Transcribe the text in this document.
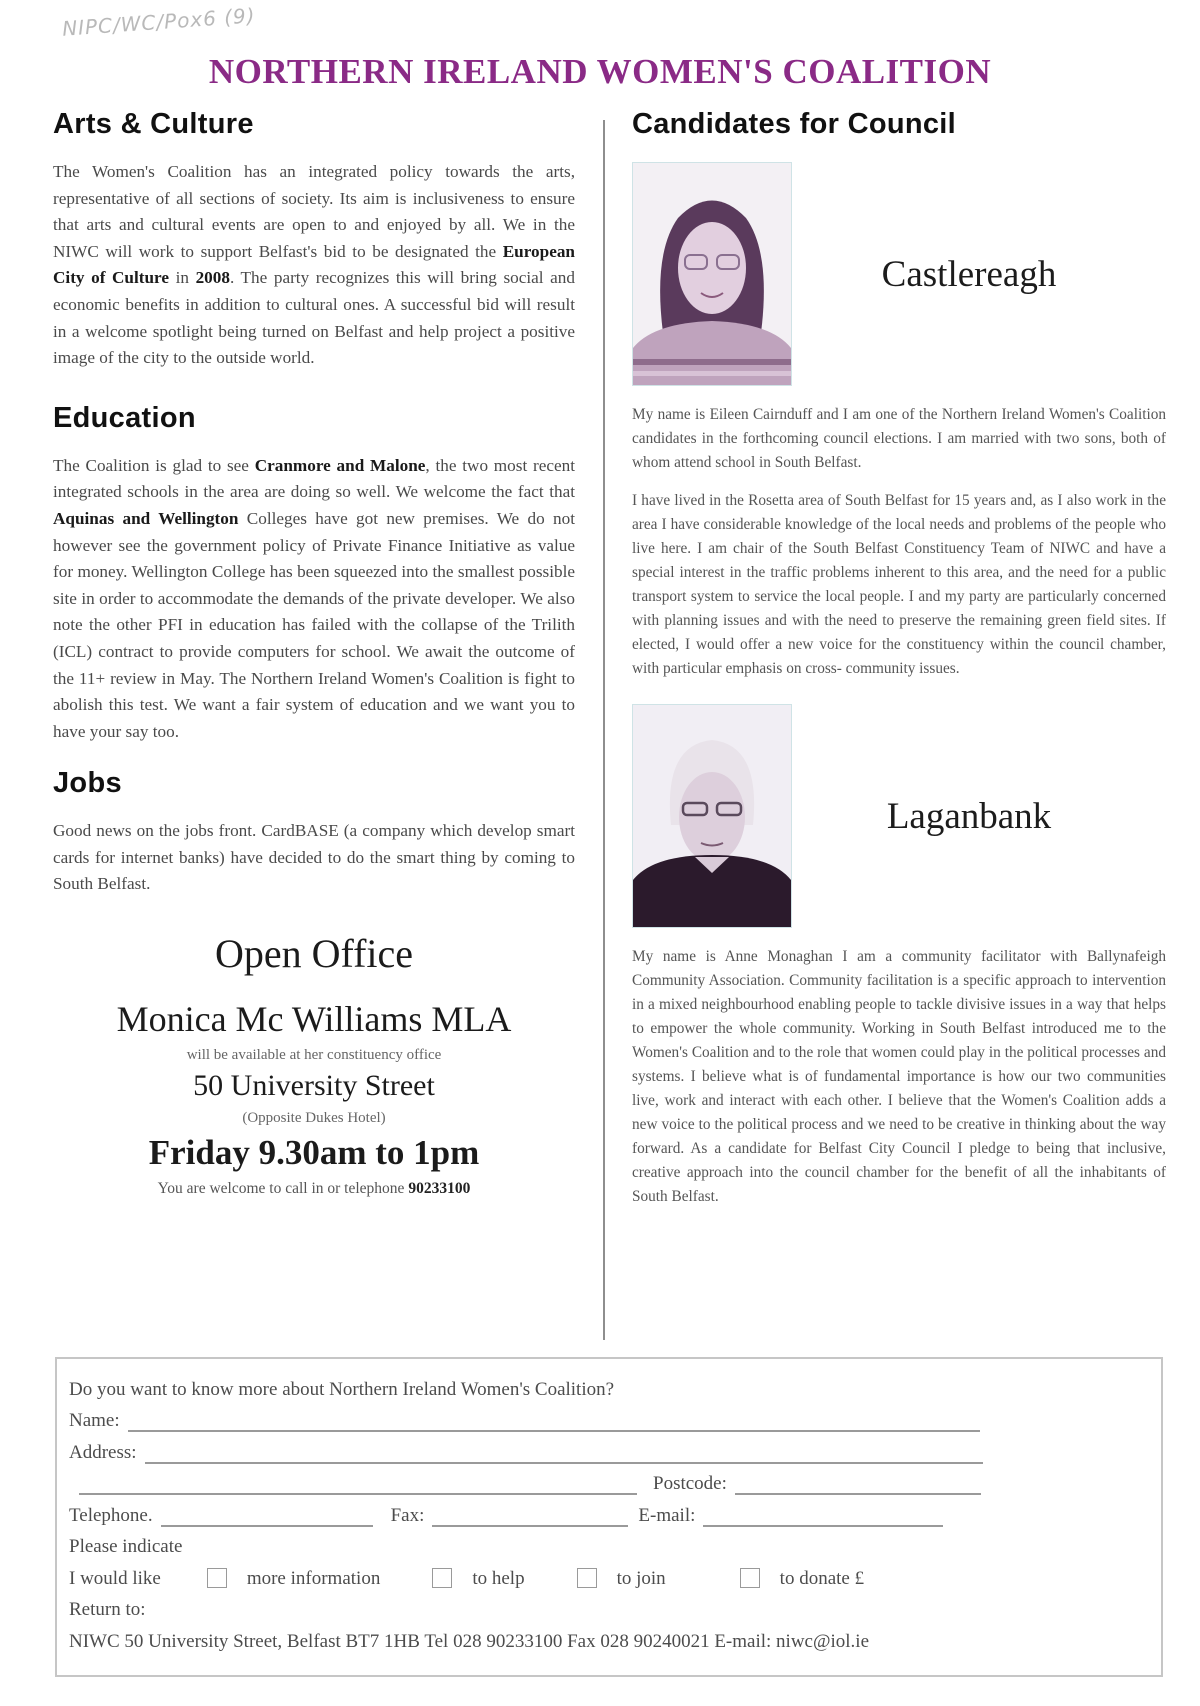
NIPC/WC/Pox6 (9)
NORTHERN IRELAND WOMEN'S COALITION
Arts & Culture

The Women's Coalition has an integrated policy towards the arts, representative of all sections of society. Its aim is inclusiveness to ensure that arts and cultural events are open to and enjoyed by all. We in the NIWC will work to support Belfast's bid to be designated the European City of Culture in 2008. The party recognizes this will bring social and economic benefits in addition to cultural ones. A successful bid will result in a welcome spotlight being turned on Belfast and help project a positive image of the city to the outside world.

Education

The Coalition is glad to see Cranmore and Malone, the two most recent integrated schools in the area are doing so well. We welcome the fact that Aquinas and Wellington Colleges have got new premises. We do not however see the government policy of Private Finance Initiative as value for money. Wellington College has been squeezed into the smallest possible site in order to accommodate the demands of the private developer. We also note the other PFI in education has failed with the collapse of the Trilith (ICL) contract to provide computers for school. We await the outcome of the 11+ review in May. The Northern Ireland Women's Coalition is fight to abolish this test. We want a fair system of education and we want you to have your say too.

Jobs

Good news on the jobs front. CardBASE (a company which develop smart cards for internet banks) have decided to do the smart thing by coming to South Belfast.

Open Office
Monica Mc Williams MLA
will be available at her constituency office
50 University Street
(Opposite Dukes Hotel)
Friday 9.30am to 1pm
You are welcome to call in or telephone 90233100
Candidates for Council
Castlereagh

My name is Eileen Cairnduff and I am one of the Northern Ireland Women's Coalition candidates in the forthcoming council elections. I am married with two sons, both of whom attend school in South Belfast.

I have lived in the Rosetta area of South Belfast for 15 years and, as I also work in the area I have considerable knowledge of the local needs and problems of the people who live here. I am chair of the South Belfast Constituency Team of NIWC and have a special interest in the traffic problems inherent to this area, and the need for a public transport system to service the local people. I and my party are particularly concerned with planning issues and with the need to preserve the remaining green field sites. If elected, I would offer a new voice for the constituency within the council chamber, with particular emphasis on cross- community issues.

Laganbank

My name is Anne Monaghan I am a community facilitator with Ballynafeigh Community Association. Community facilitation is a specific approach to intervention in a mixed neighbourhood enabling people to tackle divisive issues in a way that helps to empower the whole community. Working in South Belfast introduced me to the Women's Coalition and to the role that women could play in the political processes and systems. I believe what is of fundamental importance is how our two communities live, work and interact with each other. I believe that the Women's Coalition adds a new voice to the political process and we need to be creative in thinking about the way forward. As a candidate for Belfast City Council I pledge to being that inclusive, creative approach into the council chamber for the benefit of all the inhabitants of South Belfast.

Do you want to know more about Northern Ireland Women's Coalition?
Name:
Address:
Postcode:
Telephone.	Fax:	E-mail:
Please indicate
I would like	more information	to help	to join	to donate £
Return to:
NIWC 50 University Street, Belfast BT7 1HB Tel 028 90233100 Fax 028 90240021 E-mail: niwc@iol.ie
